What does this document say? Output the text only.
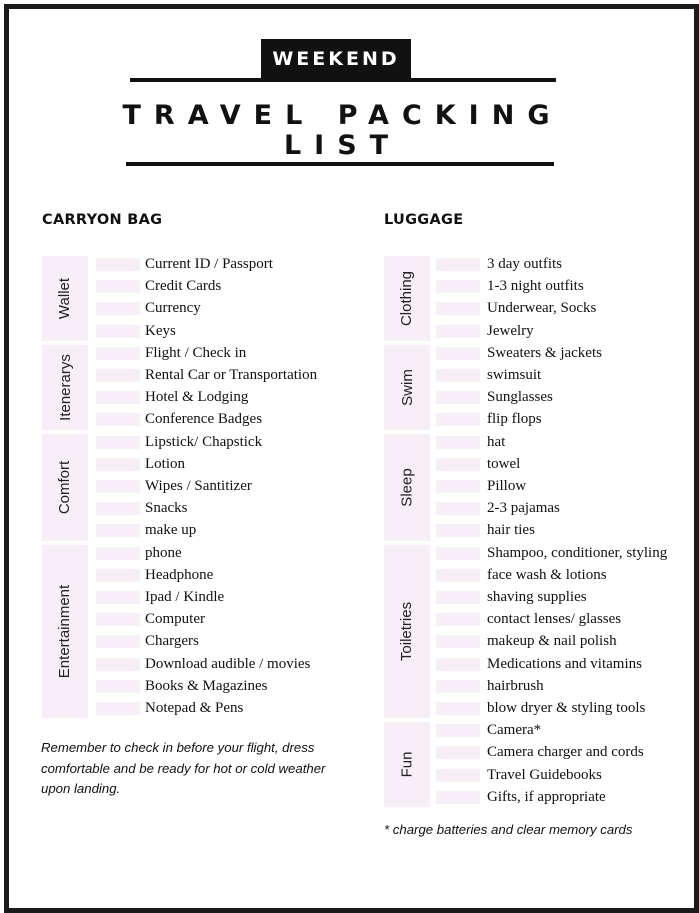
WEEKEND
TRAVEL PACKING
LIST
CARRYON BAG	LUGGAGE
Wallet
Current ID / Passport
Credit Cards
Currency
Keys
Itenerarys
Flight / Check in
Rental Car or Transportation
Hotel & Lodging
Conference Badges
Comfort
Lipstick/ Chapstick
Lotion
Wipes / Santitizer
Snacks
make up
Entertainment
phone
Headphone
Ipad / Kindle
Computer
Chargers
Download audible / movies
Books & Magazines
Notepad & Pens
Clothing
3 day outfits
1-3 night outfits
Underwear, Socks
Jewelry
Swim
Sweaters & jackets
swimsuit
Sunglasses
flip flops
Sleep
hat
towel
Pillow
2-3 pajamas
hair ties
Toiletries
Shampoo, conditioner, styling
face wash & lotions
shaving supplies
contact lenses/ glasses
makeup & nail polish
Medications and vitamins
hairbrush
blow dryer & styling tools
Fun
Camera*
Camera charger and cords
Travel Guidebooks
Gifts, if appropriate
Remember to check in before your flight, dress comfortable and be ready for hot or cold weather upon landing.
* charge batteries and clear memory cards
